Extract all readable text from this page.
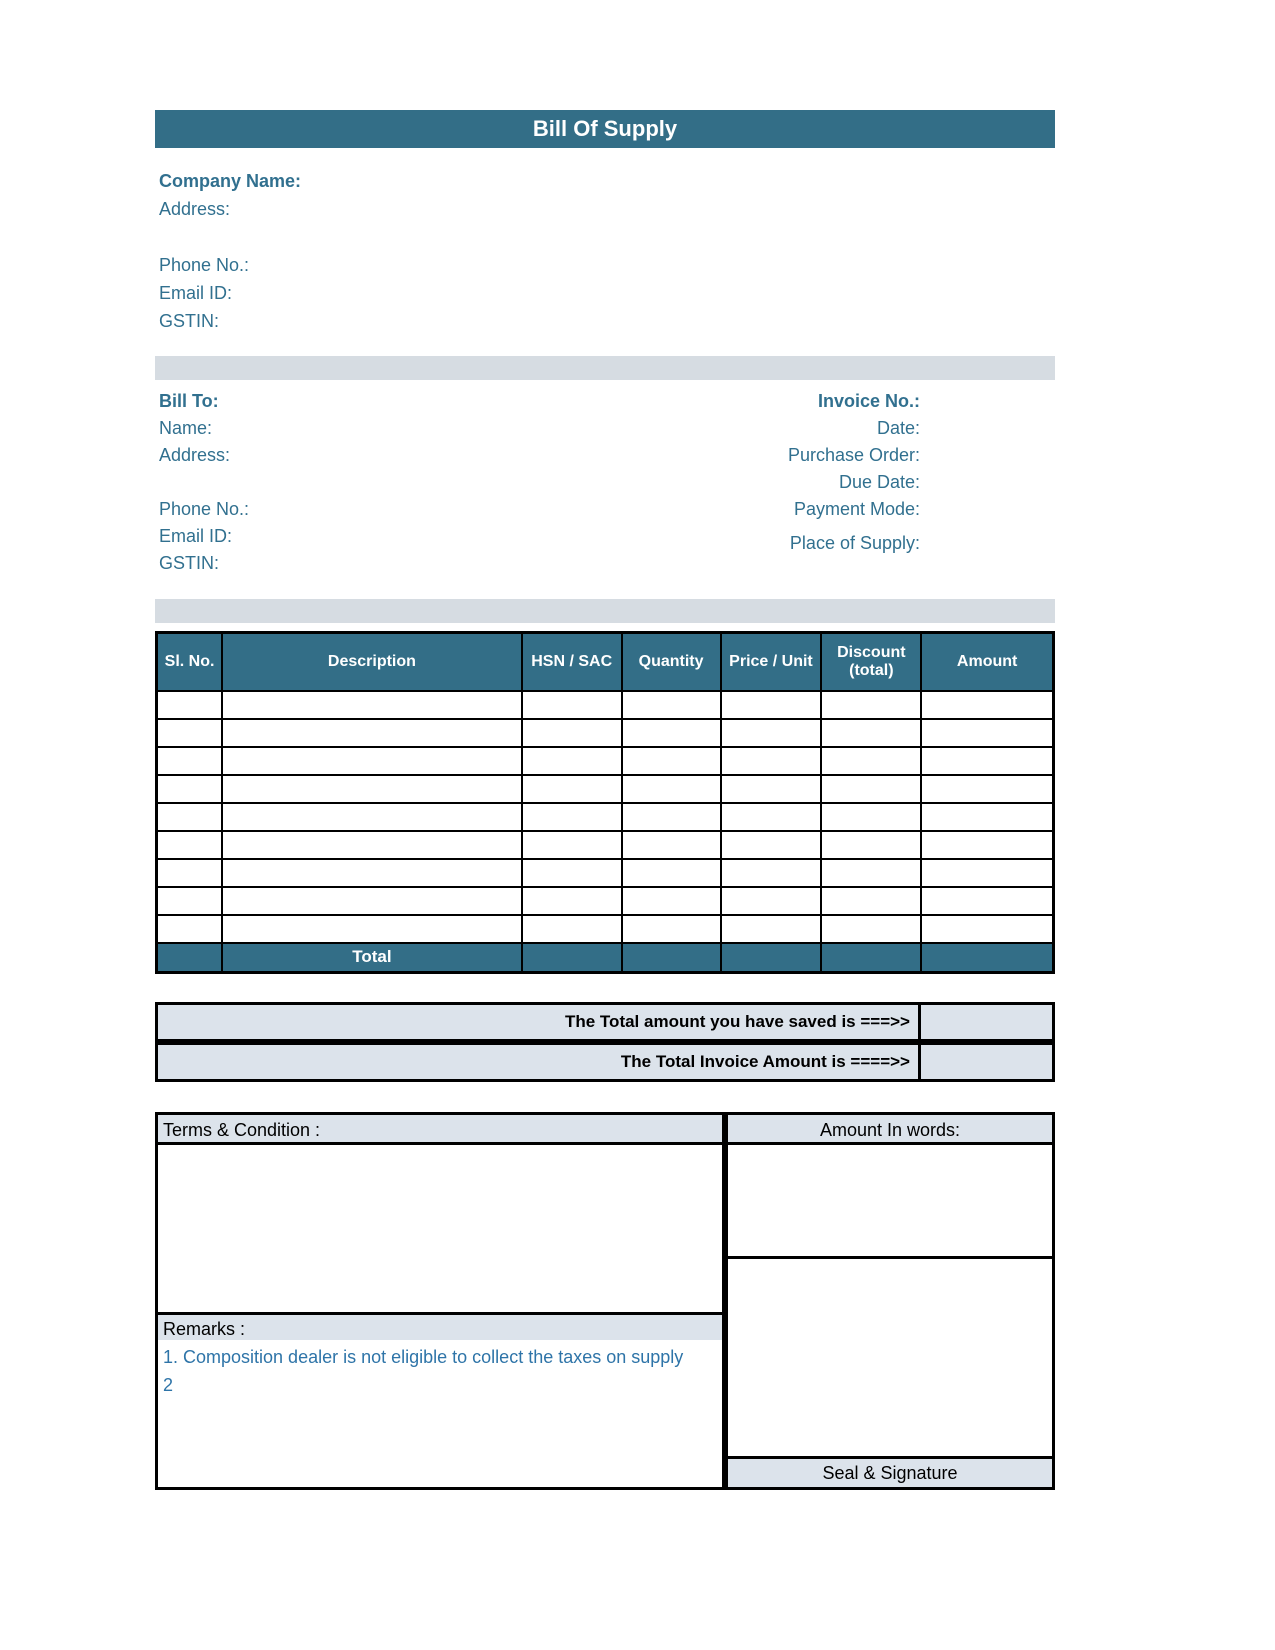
Bill Of Supply
Company Name:
Address:
Phone No.:
Email ID:
GSTIN:
Bill To:
Name:
Address:
Phone No.:
Email ID:
GSTIN:
Invoice No.:
Date:
Purchase Order:
Due Date:
Payment Mode:
Place of Supply:
Sl. No.	Description	HSN / SAC	Quantity	Price / Unit	Discount (total)	Amount

	Total					
The Total amount you have saved is ===>>
The Total Invoice Amount is ====>>
Terms & Condition :
Remarks :
1. Composition dealer is not eligible to collect the taxes on supply
2
Amount In words:
Seal & Signature
